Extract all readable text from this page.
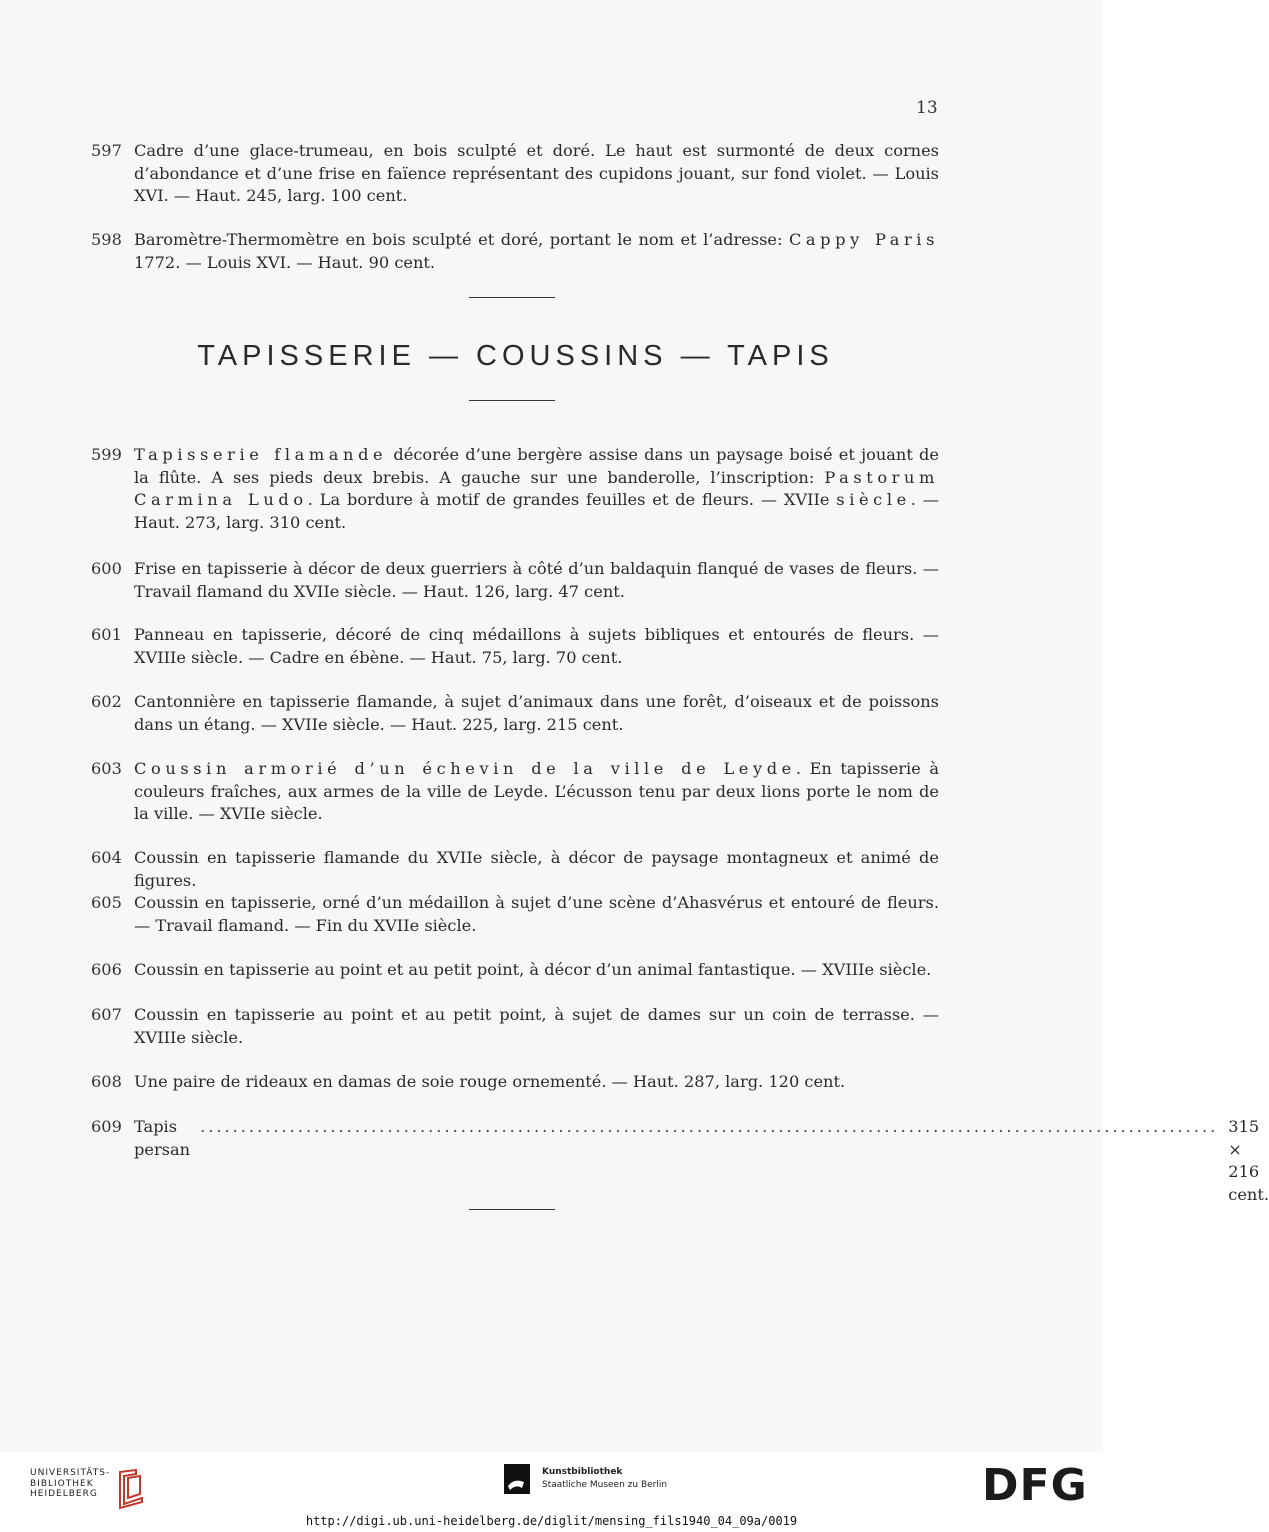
13
597 Cadre d’une glace-trumeau, en bois sculpté et doré. Le haut est surmonté de deux cornes d’abondance et d’une frise en faïence représentant des cupidons jouant, sur fond violet. — Louis XVI. — Haut. 245, larg. 100 cent.
598 Baromètre-Thermomètre en bois sculpté et doré, portant le nom et l’adresse: Cappy Paris 1772. — Louis XVI. — Haut. 90 cent.
TAPISSERIE — COUSSINS — TAPIS
599 Tapisserie flamande décorée d’une bergère assise dans un paysage boisé et jouant de la flûte. A ses pieds deux brebis. A gauche sur une banderolle, l’inscription: Pastorum Carmina Ludo. La bordure à motif de grandes feuilles et de fleurs. — XVIIe siècle. — Haut. 273, larg. 310 cent.
600 Frise en tapisserie à décor de deux guerriers à côté d’un baldaquin flanqué de vases de fleurs. — Travail flamand du XVIIe siècle. — Haut. 126, larg. 47 cent.
601 Panneau en tapisserie, décoré de cinq médaillons à sujets bibliques et entourés de fleurs. — XVIIIe siècle. — Cadre en ébène. — Haut. 75, larg. 70 cent.
602 Cantonnière en tapisserie flamande, à sujet d’animaux dans une forêt, d’oiseaux et de poissons dans un étang. — XVIIe siècle. — Haut. 225, larg. 215 cent.
603 Coussin armorié d’un échevin de la ville de Leyde. En tapisserie à couleurs fraîches, aux armes de la ville de Leyde. L’écusson tenu par deux lions porte le nom de la ville. — XVIIe siècle.
604 Coussin en tapisserie flamande du XVIIe siècle, à décor de paysage montagneux et animé de figures.
605 Coussin en tapisserie, orné d’un médaillon à sujet d’une scène d’Ahasvérus et entouré de fleurs. — Travail flamand. — Fin du XVIIe siècle.
606 Coussin en tapisserie au point et au petit point, à décor d’un animal fantastique. — XVIIIe siècle.
607 Coussin en tapisserie au point et au petit point, à sujet de dames sur un coin de terrasse. — XVIIIe siècle.
608 Une paire de rideaux en damas de soie rouge ornementé. — Haut. 287, larg. 120 cent.
609 Tapis persan
............................................................................................................................. 315 × 216 cent.
UNIVERSITÄTS-
BIBLIOTHEK
HEIDELBERG
Kunstbibliothek
Staatliche Museen zu Berlin	DFG
http://digi.ub.uni-heidelberg.de/diglit/mensing_fils1940_04_09a/0019
